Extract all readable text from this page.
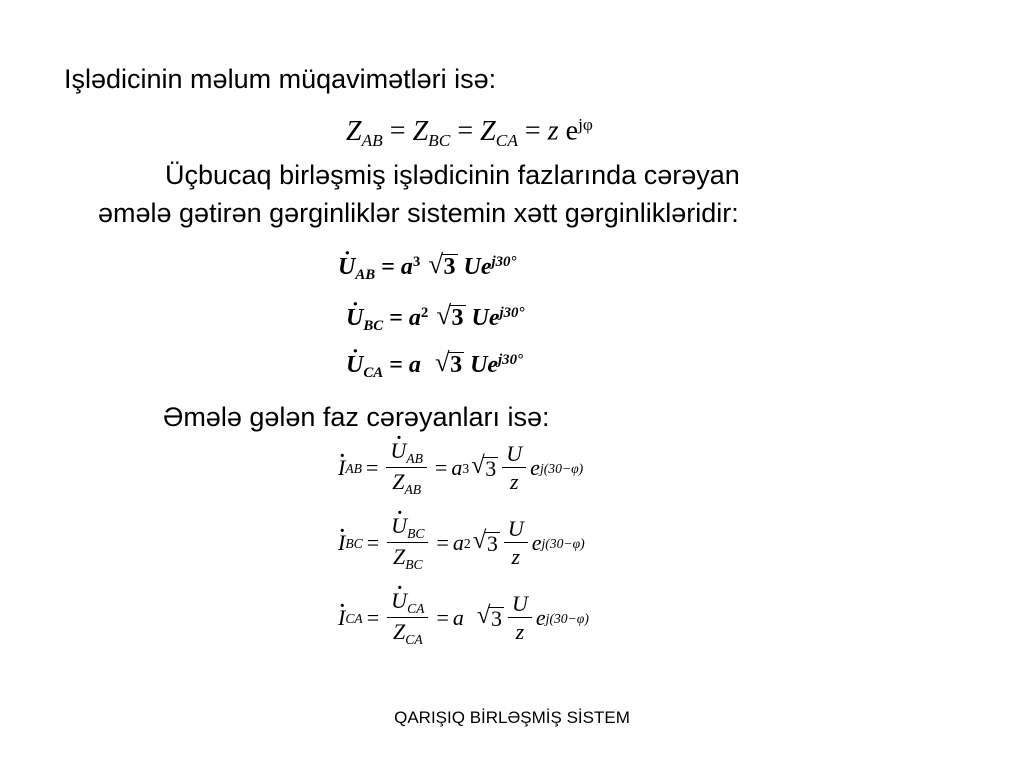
Işlədicinin məlum müqavimətləri isə:
$Z_{AB} = Z_{BC} = Z_{CA} = z$ $e^{j\varphi}$
Üçbucaq birləşmiş işlədicinin fazlarında cərəyan
əmələ gətirən gərginliklər sistemin xətt gərginlikləridir:
· $U_{AB} = a^3$ √ 3 $Ue^{j30^\circ}$
· $U_{BC} = a^2$ √ 3 $Ue^{j30^\circ}$
· $U_{CA} = a$ √ 3 $Ue^{j30^\circ}$
Əmələ gələn faz cərəyanları isə:
· I AB = · $\frac{U_{AB}}{Z_{AB}} = a$ 3 √ $3 \frac{U}{z}$ e j(30−φ)
· I BC = · $\frac{U_{BC}}{Z_{BC}} = a$ 2 √ $3 \frac{U}{z}$ e j(30−φ)
· I CA = · $\frac{U_{CA}}{Z_{CA}} = a$
√ $3 \frac{U}{z}$ e j(30−φ)
QARIŞIQ BİRLƏŞMİŞ SİSTEM
